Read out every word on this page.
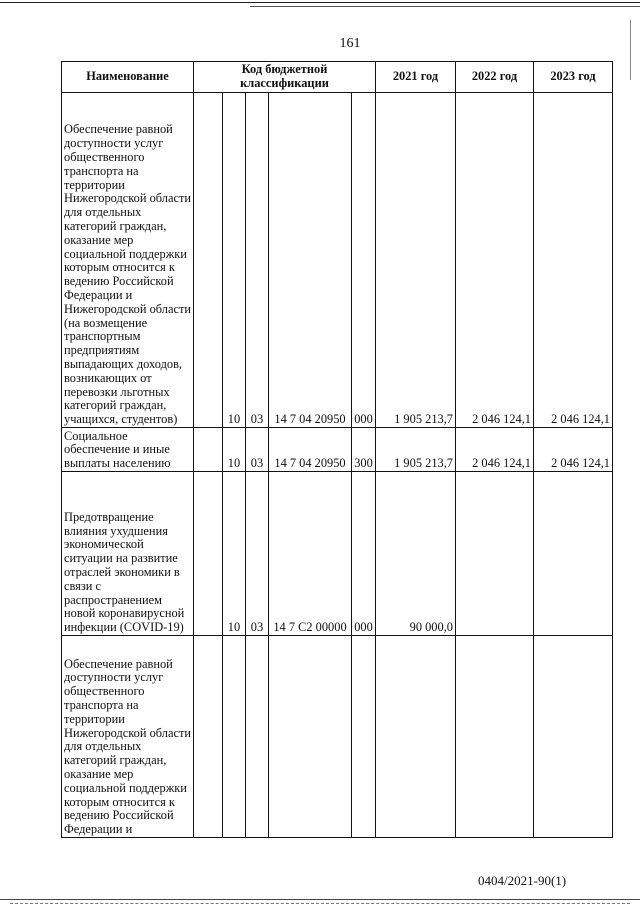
161
Наименование	Код бюджетной классификации					2021 год	2022 год	2023 год
Обеспечение равной доступности услуг общественного транспорта на территории Нижегородской области для отдельных категорий граждан, оказание мер социальной поддержки которым относится к ведению Российской Федерации и Нижегородской области (на возмещение транспортным предприятиям выпадающих доходов, возникающих от перевозки льготных категорий граждан, учащихся, студентов)		10	03	14 7 04 20950	000	1 905 213,7	2 046 124,1	2 046 124,1
Социальное обеспечение и иные выплаты населению		10	03	14 7 04 20950	300	1 905 213,7	2 046 124,1	2 046 124,1
Предотвращение влияния ухудшения экономической ситуации на развитие отраслей экономики в связи с распространением новой коронавирусной инфекции (COVID-19)		10	03	14 7 С2 00000	000	90 000,0		
Обеспечение равной доступности услуг общественного транспорта на территории Нижегородской области для отдельных категорий граждан, оказание мер социальной поддержки которым относится к ведению Российской Федерации и								
0404/2021-90(1)
